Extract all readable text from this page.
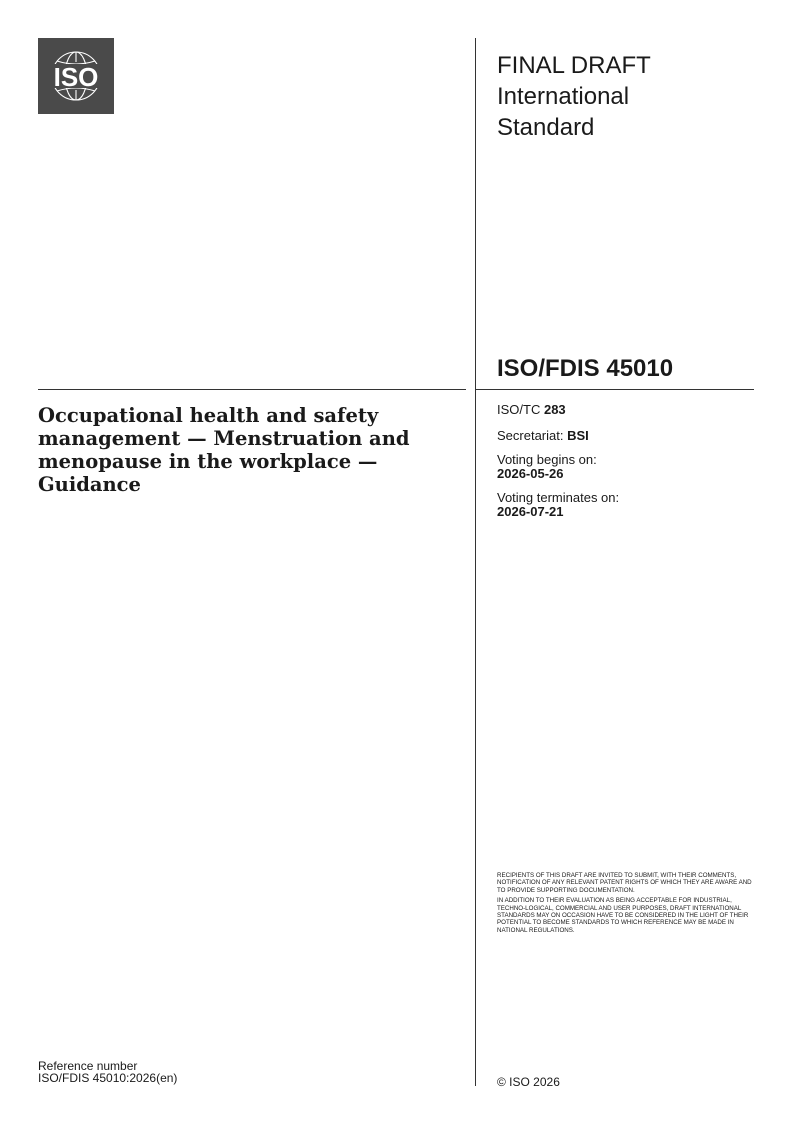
ISO	FINAL DRAFT
International
Standard
ISO/FDIS 45010
Occupational health and safety management — Menstruation and menopause in the workplace — Guidance
ISO/TC 283
Secretariat: BSI
Voting begins on:
2026-05-26
Voting terminates on:
2026-07-21

RECIPIENTS OF THIS DRAFT ARE INVITED TO SUBMIT, WITH THEIR COMMENTS, NOTIFICATION OF ANY RELEVANT PATENT RIGHTS OF WHICH THEY ARE AWARE AND TO PROVIDE SUPPORTING DOCUMENTATION.

IN ADDITION TO THEIR EVALUATION AS BEING ACCEPTABLE FOR INDUSTRIAL, TECHNO-LOGICAL, COMMERCIAL AND USER PURPOSES, DRAFT INTERNATIONAL STANDARDS MAY ON OCCASION HAVE TO BE CONSIDERED IN THE LIGHT OF THEIR POTENTIAL TO BECOME STANDARDS TO WHICH REFERENCE MAY BE MADE IN NATIONAL REGULATIONS.

Reference number
ISO/FDIS 45010:2026(en)	© ISO 2026
